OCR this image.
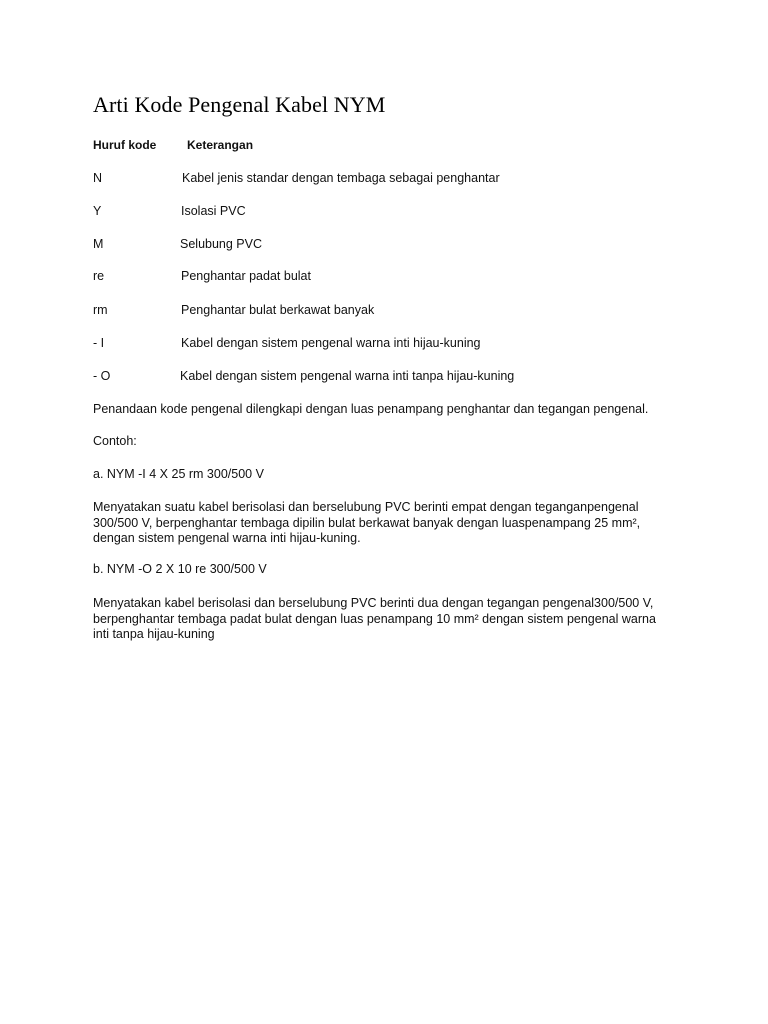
Arti Kode Pengenal Kabel NYM
Huruf kode	Keterangan
N	Kabel jenis standar dengan tembaga sebagai penghantar
Y	Isolasi PVC
M	Selubung PVC
re	Penghantar padat bulat
rm	Penghantar bulat berkawat banyak
- I	Kabel dengan sistem pengenal warna inti hijau-kuning
- O	Kabel dengan sistem pengenal warna inti tanpa hijau-kuning
Penandaan kode pengenal dilengkapi dengan luas penampang penghantar dan tegangan pengenal.
Contoh:
a. NYM -I 4 X 25 rm 300/500 V
Menyatakan suatu kabel berisolasi dan berselubung PVC berinti empat dengan teganganpengenal
300/500 V, berpenghantar tembaga dipilin bulat berkawat banyak dengan luaspenampang 25 mm²,
dengan sistem pengenal warna inti hijau-kuning.
b. NYM -O 2 X 10 re 300/500 V
Menyatakan kabel berisolasi dan berselubung PVC berinti dua dengan tegangan pengenal300/500 V,
berpenghantar tembaga padat bulat dengan luas penampang 10 mm² dengan sistem pengenal warna
inti tanpa hijau-kuning
